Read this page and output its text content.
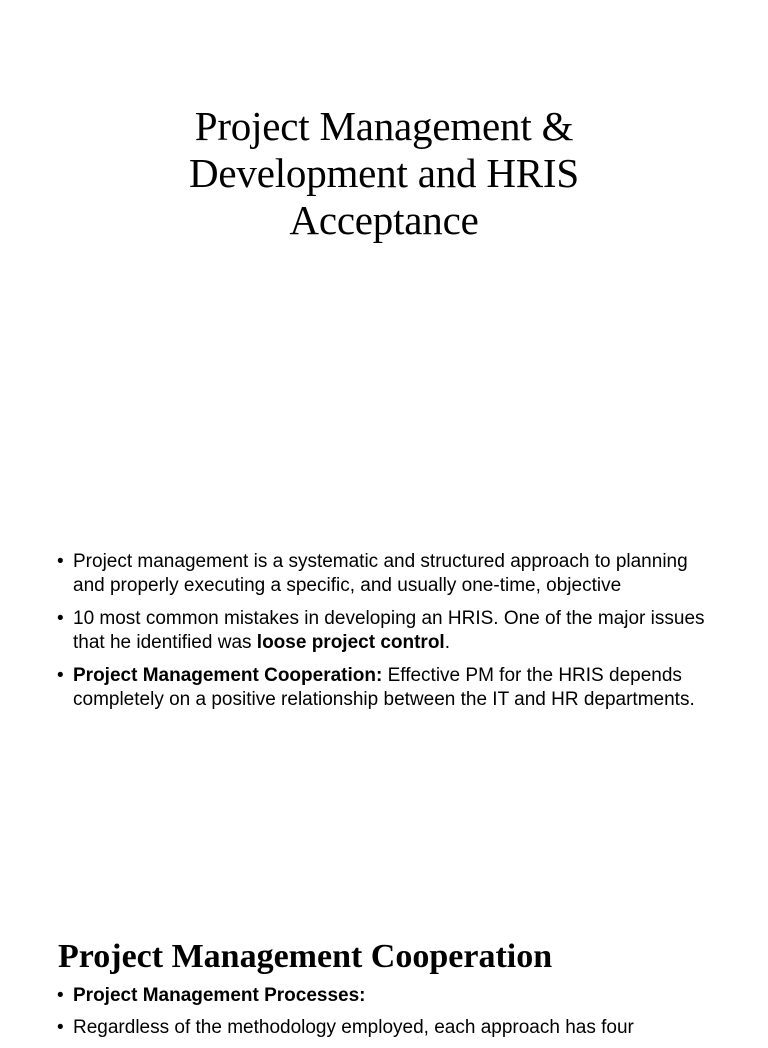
Project Management &
Development and HRIS
Acceptance
• Project management is a systematic and structured approach to planning and properly executing a specific, and usually one-time, objective
• 10 most common mistakes in developing an HRIS. One of the major issues that he identified was loose project control.
• Project Management Cooperation: Effective PM for the HRIS depends completely on a positive relationship between the IT and HR departments.
Project Management Cooperation
• Project Management Processes:
• Regardless of the methodology employed, each approach has four
